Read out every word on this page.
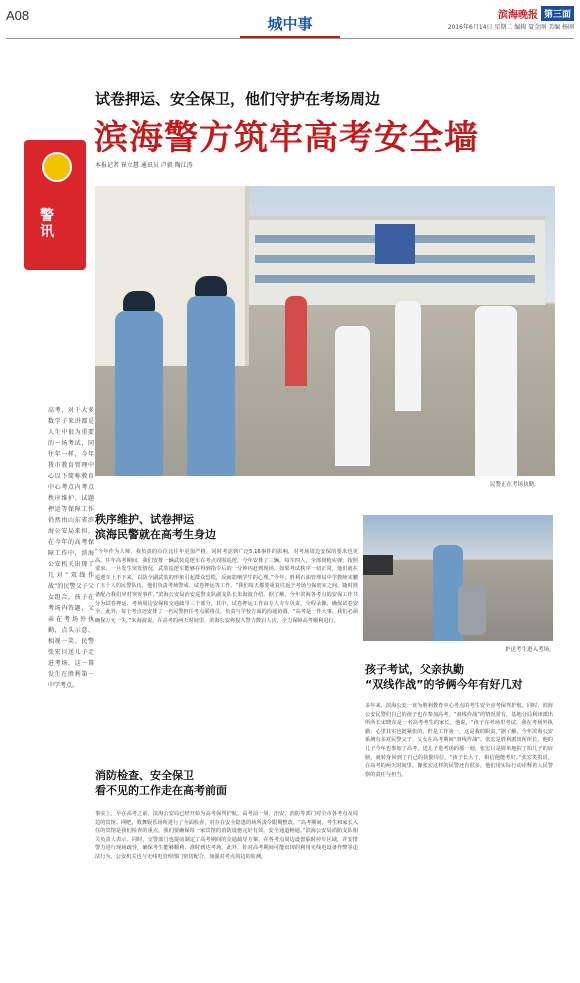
A08	城中事	滨海晚报 第三面
2016年6月14日 星期二 编辑 聂金刚 美编 杨刚
警
讯
试卷押运、安全保卫，他们守护在考场周边
滨海警方筑牢高考安全墙
本报记者 崔立慧 通讯员 卢毅 陶江涛
民警正在考场执勤。
高考，对于大多数学子来讲都是人生中很为重要的一场考试，同往年一样，今年我市教育管理中心以下简称教育中心考点内考点秩序维护、试题押运等保障工作仍然由山东省滨海公安局来担，在今年的高考保障工作中，滨海公安机关出现了几对“双线作战”的民警父子父女组合，孩子在考场内答题，父亲在考场外执勤，点头示意，相视一笑。民警张宏目送儿子走进考场，这一幕发生在胜利第一中学考点。
秩序维护、试卷押运
滨海民警就在高考生身边
“今年作为人师，我负责的点位比往年更加严格，同时考虑到广泛5.16事件的影响，对考场周边安保的要求也更高。往年高考期间，我们安排一辆武装巡逻车在考点周围巡逻，今年安排了三辆，每车四人，全部荷枪实弹，按照要求，一旦发生突发情况，武装巡逻车能够在得到指令后的一分钟内赶到现场。如果考试秩序一切正常，他们就在巡逻车上不下来，以防全副武装的形象引起群众恐慌，反而影响学生的心理。”今年，胜利石油管理局中学教师宋鹏了五十人的民警队伍，他们负责考场警戒、试卷押运等工作。“我们每天都要重复往返于考场与保密室之间，随时准备配合我们应对突发事件。”滨海公安局治安巡警支队副支队长朱海波介绍。据了解，今年滨海各考点的安保工作共分为试卷押运、考场周边安保和交通疏导三个部分。其中，试卷押运工作由专人专车负责，全程录像，确保试卷安全。此外，每个考点还安排了一名民警担任考点联络员，负责与学校方面的沟通协调。“高考是一件大事，我们必须确保万无一失。”朱海波说，在高考的两天时间里，滨海公安将投入警力数百人次，全力保障高考顺利进行。
消防检查、安全保卫
看不见的工作走在高考前面
事实上，早在高考之前，滨海公安局已经开始为高考保驾护航。高考前一周，治安、消防等部门对全市各考点及周边的宾馆、网吧、歌舞娱乐场所进行了全面检查，对存在安全隐患的场所责令限期整改。“高考期间，考生和家长入住的宾馆是我们检查的重点，我们要确保每一家宾馆的消防设施完好有效，安全通道畅通。”滨海公安局消防支队相关负责人表示。同时，交警部门也提前制定了高考期间的交通疏导方案，在各考点周边设置临时停车区域，并安排警力进行现场疏导，确保考生能够顺利、准时到达考场。此外，针对高考期间可能出现的利用无线电设备作弊等违法行为，公安机关也与无线电管理部门密切配合，加强对考点周边的监测。
护送考生进入考场。
孩子考试，父亲执勤
“双线作战”的爷俩今年有好几对
多年来，滨海公安一直为胜利教育中心考点的考生安全应考保驾护航。同时，滨海公安民警们自己的孩子也在参加高考。“双线作战”的情况常有。基地分局利津派出所所长宋晓东是一名高考考生的家长。他说，“孩子在考场里考试，我在考场外执勤，心里其实也挺紧张的，但是工作第一，这是我的职责。”据了解，今年滨海公安系统有多对民警父子、父女在高考期间“双线作战”。张宏是胜利派出所所长，他的儿子今年也参加了高考。送儿子进考场的那一刻，张宏只是简单地拍了拍儿子的肩膀，就转身回到了自己的执勤岗位。“孩子长大了，相信他能考好。”张宏笑着说。在高考的两天时间里，像张宏这样的民警还有很多，他们用实际行动诠释着人民警察的责任与担当。
